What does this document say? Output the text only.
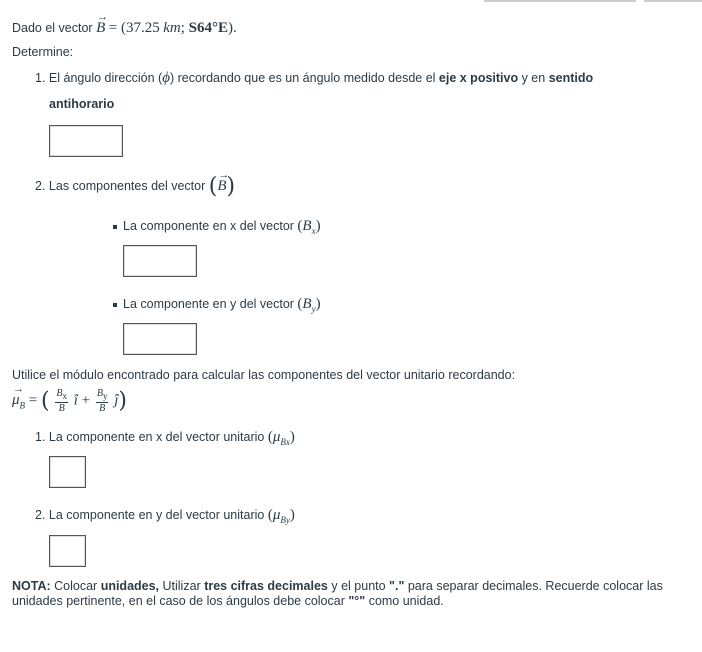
Dado el vector → B = (37.25 km; S64°E).
Determine:
1. El ángulo dirección (ϕ) recordando que es un ángulo medido desde el eje x positivo y en sentido
antihorario
2. Las componentes del vector (→ B)
La componente en x del vector $(B_x)$
La componente en y del vector $(B_y)$
Utilice el módulo encontrado para calcular las componentes del vector unitario recordando:
→ $\mu_B$ = ( $\frac{B_x}{B}$ î + $\frac{B_y}{B}$ ĵ)
1. La componente en x del vector unitario $(\mu_{Bx})$
2. La componente en y del vector unitario $(\mu_{By})$
NOTA: Colocar unidades, Utilizar tres cifras decimales y el punto "." para separar decimales. Recuerde colocar las unidades pertinente, en el caso de los ángulos debe colocar "°" como unidad.
